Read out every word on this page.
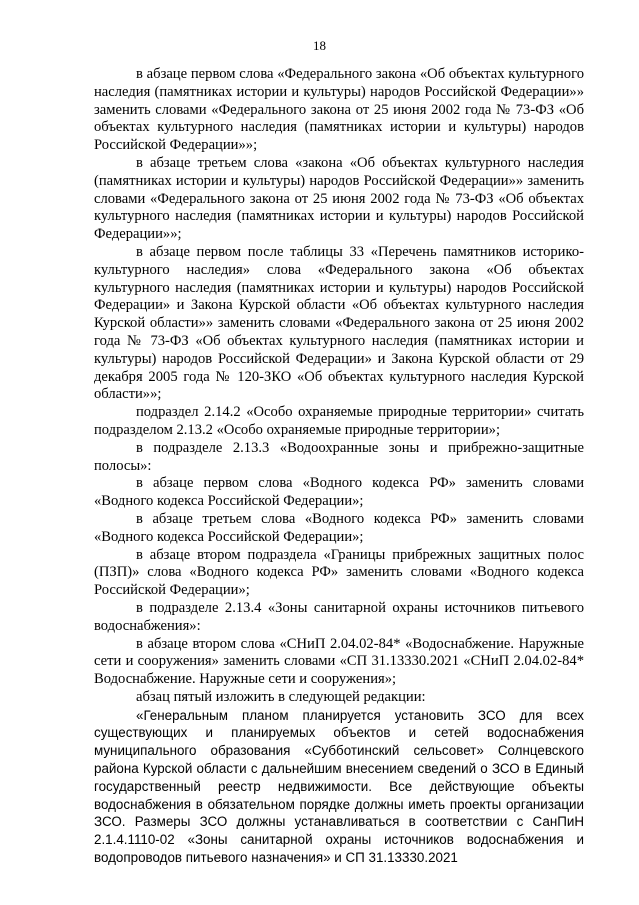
18

в абзаце первом слова «Федерального закона «Об объектах культурного наследия (памятниках истории и культуры) народов Российской Федерации»» заменить словами «Федерального закона от 25 июня 2002 года № 73-ФЗ «Об объектах культурного наследия (памятниках истории и культуры) народов Российской Федерации»»;

в абзаце третьем слова «закона «Об объектах культурного наследия (памятниках истории и культуры) народов Российской Федерации»» заменить словами «Федерального закона от 25 июня 2002 года № 73-ФЗ «Об объектах культурного наследия (памятниках истории и культуры) народов Российской Федерации»»;

в абзаце первом после таблицы 33 «Перечень памятников историко-культурного наследия» слова «Федерального закона «Об объектах культурного наследия (памятниках истории и культуры) народов Российской Федерации» и Закона Курской области «Об объектах культурного наследия Курской области»» заменить словами «Федерального закона от 25 июня 2002 года № 73-ФЗ «Об объектах культурного наследия (памятниках истории и культуры) народов Российской Федерации» и Закона Курской области от 29 декабря 2005 года № 120-ЗКО «Об объектах культурного наследия Курской области»»;

подраздел 2.14.2 «Особо охраняемые природные территории» считать подразделом 2.13.2 «Особо охраняемые природные территории»;

в подразделе 2.13.3 «Водоохранные зоны и прибрежно-защитные полосы»:

в абзаце первом слова «Водного кодекса РФ» заменить словами «Водного кодекса Российской Федерации»;

в абзаце третьем слова «Водного кодекса РФ» заменить словами «Водного кодекса Российской Федерации»;

в абзаце втором подраздела «Границы прибрежных защитных полос (ПЗП)» слова «Водного кодекса РФ» заменить словами «Водного кодекса Российской Федерации»;

в подразделе 2.13.4 «Зоны санитарной охраны источников питьевого водоснабжения»:

в абзаце втором слова «СНиП 2.04.02-84* «Водоснабжение. Наружные сети и сооружения» заменить словами «СП 31.13330.2021 «СНиП 2.04.02-84* Водоснабжение. Наружные сети и сооружения»;

абзац пятый изложить в следующей редакции:

«Генеральным планом планируется установить ЗСО для всех существующих и планируемых объектов и сетей водоснабжения муниципального образования «Субботинский сельсовет» Солнцевского района Курской области с дальнейшим внесением сведений о ЗСО в Единый государственный реестр недвижимости. Все действующие объекты водоснабжения в обязательном порядке должны иметь проекты организации ЗСО. Размеры ЗСО должны устанавливаться в соответствии с СанПиН 2.1.4.1110-02 «Зоны санитарной охраны источников водоснабжения и водопроводов питьевого назначения» и СП 31.13330.2021
